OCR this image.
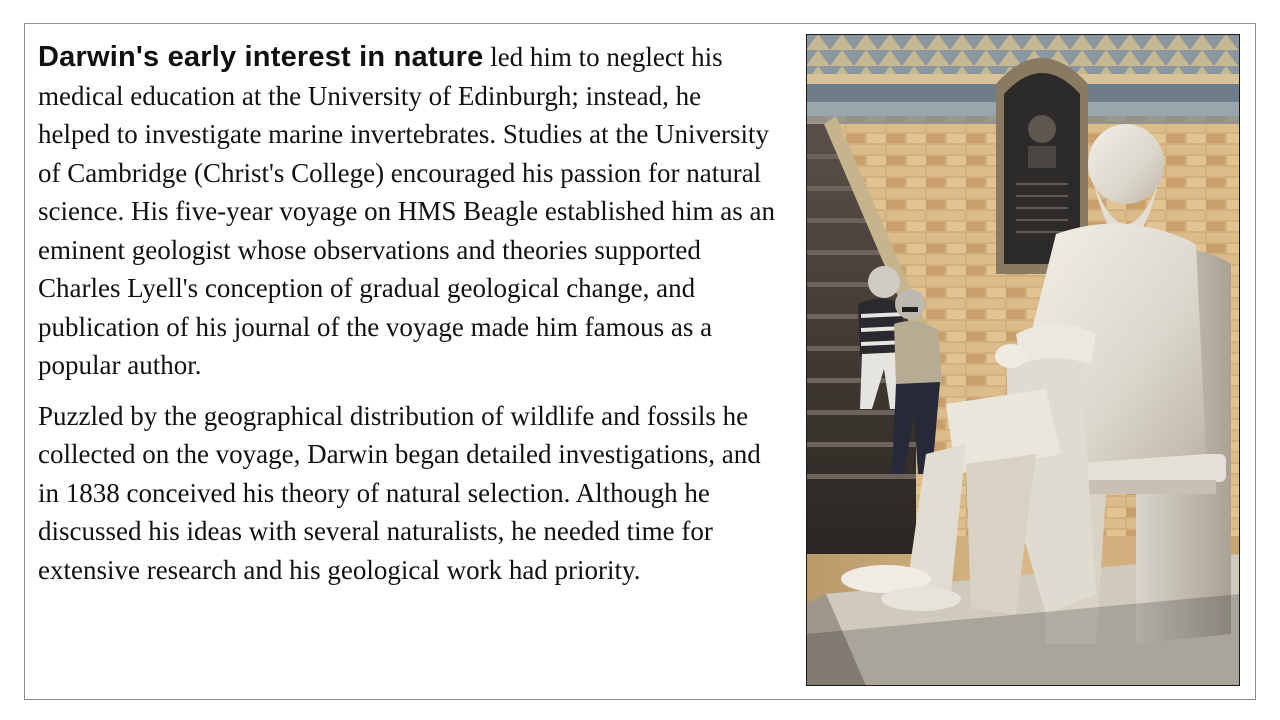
Darwin's early interest in nature led him to neglect his medical education at the University of Edinburgh; instead, he helped to investigate marine invertebrates. Studies at the University of Cambridge (Christ's College) encouraged his passion for natural science. His five-year voyage on HMS Beagle established him as an eminent geologist whose observations and theories supported Charles Lyell's conception of gradual geological change, and publication of his journal of the voyage made him famous as a popular author.

Puzzled by the geographical distribution of wildlife and fossils he collected on the voyage, Darwin began detailed investigations, and in 1838 conceived his theory of natural selection. Although he discussed his ideas with several naturalists, he needed time for extensive research and his geological work had priority.
